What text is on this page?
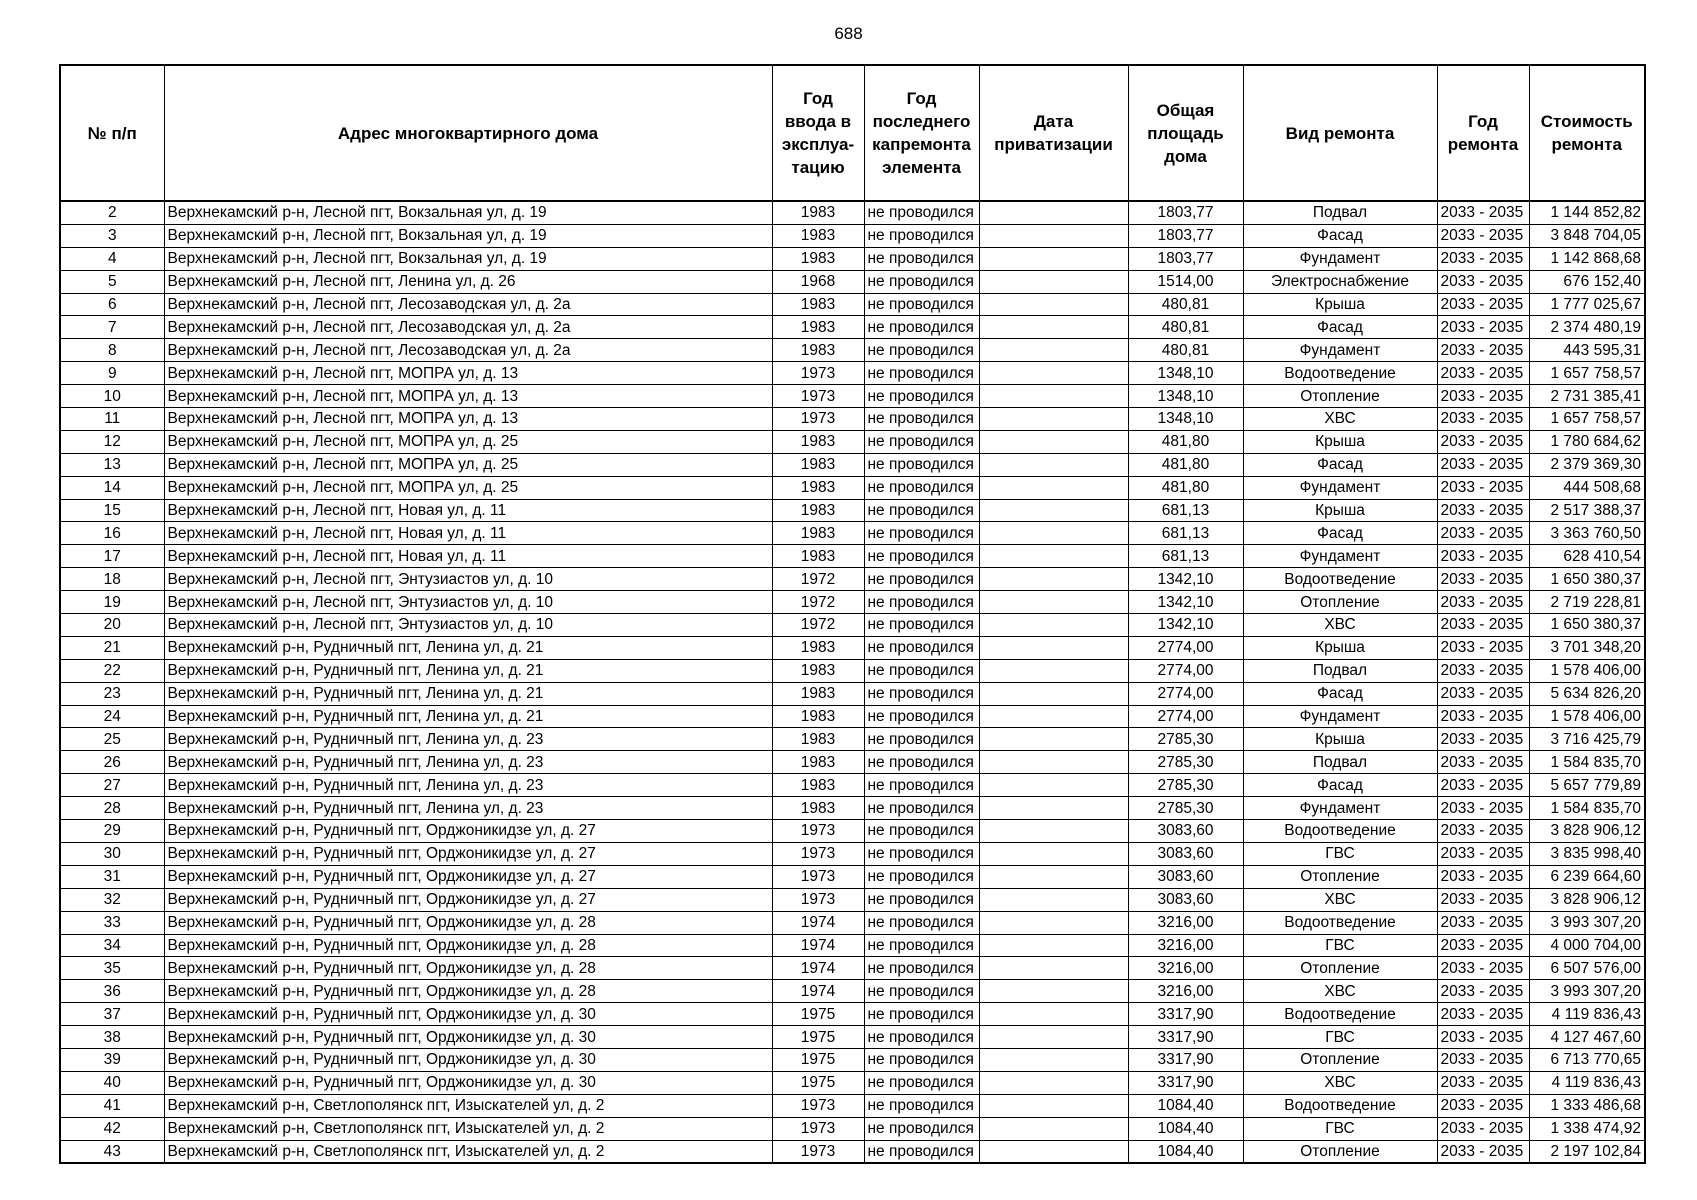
688
№ п/п	Адрес многоквартирного дома	Год ввода в эксплуа-тацию	Год последнего капремонта элемента	Дата приватизации	Общая площадь дома	Вид ремонта	Год ремонта	Стоимость ремонта
2	Верхнекамский р-н, Лесной пгт, Вокзальная ул, д. 19	1983	не проводился		1803,77	Подвал	2033 - 2035	1 144 852,82
3	Верхнекамский р-н, Лесной пгт, Вокзальная ул, д. 19	1983	не проводился		1803,77	Фасад	2033 - 2035	3 848 704,05
4	Верхнекамский р-н, Лесной пгт, Вокзальная ул, д. 19	1983	не проводился		1803,77	Фундамент	2033 - 2035	1 142 868,68
5	Верхнекамский р-н, Лесной пгт, Ленина ул, д. 26	1968	не проводился		1514,00	Электроснабжение	2033 - 2035	676 152,40
6	Верхнекамский р-н, Лесной пгт, Лесозаводская ул, д. 2а	1983	не проводился		480,81	Крыша	2033 - 2035	1 777 025,67
7	Верхнекамский р-н, Лесной пгт, Лесозаводская ул, д. 2а	1983	не проводился		480,81	Фасад	2033 - 2035	2 374 480,19
8	Верхнекамский р-н, Лесной пгт, Лесозаводская ул, д. 2а	1983	не проводился		480,81	Фундамент	2033 - 2035	443 595,31
9	Верхнекамский р-н, Лесной пгт, МОПРА ул, д. 13	1973	не проводился		1348,10	Водоотведение	2033 - 2035	1 657 758,57
10	Верхнекамский р-н, Лесной пгт, МОПРА ул, д. 13	1973	не проводился		1348,10	Отопление	2033 - 2035	2 731 385,41
11	Верхнекамский р-н, Лесной пгт, МОПРА ул, д. 13	1973	не проводился		1348,10	ХВС	2033 - 2035	1 657 758,57
12	Верхнекамский р-н, Лесной пгт, МОПРА ул, д. 25	1983	не проводился		481,80	Крыша	2033 - 2035	1 780 684,62
13	Верхнекамский р-н, Лесной пгт, МОПРА ул, д. 25	1983	не проводился		481,80	Фасад	2033 - 2035	2 379 369,30
14	Верхнекамский р-н, Лесной пгт, МОПРА ул, д. 25	1983	не проводился		481,80	Фундамент	2033 - 2035	444 508,68
15	Верхнекамский р-н, Лесной пгт, Новая ул, д. 11	1983	не проводился		681,13	Крыша	2033 - 2035	2 517 388,37
16	Верхнекамский р-н, Лесной пгт, Новая ул, д. 11	1983	не проводился		681,13	Фасад	2033 - 2035	3 363 760,50
17	Верхнекамский р-н, Лесной пгт, Новая ул, д. 11	1983	не проводился		681,13	Фундамент	2033 - 2035	628 410,54
18	Верхнекамский р-н, Лесной пгт, Энтузиастов ул, д. 10	1972	не проводился		1342,10	Водоотведение	2033 - 2035	1 650 380,37
19	Верхнекамский р-н, Лесной пгт, Энтузиастов ул, д. 10	1972	не проводился		1342,10	Отопление	2033 - 2035	2 719 228,81
20	Верхнекамский р-н, Лесной пгт, Энтузиастов ул, д. 10	1972	не проводился		1342,10	ХВС	2033 - 2035	1 650 380,37
21	Верхнекамский р-н, Рудничный пгт, Ленина ул, д. 21	1983	не проводился		2774,00	Крыша	2033 - 2035	3 701 348,20
22	Верхнекамский р-н, Рудничный пгт, Ленина ул, д. 21	1983	не проводился		2774,00	Подвал	2033 - 2035	1 578 406,00
23	Верхнекамский р-н, Рудничный пгт, Ленина ул, д. 21	1983	не проводился		2774,00	Фасад	2033 - 2035	5 634 826,20
24	Верхнекамский р-н, Рудничный пгт, Ленина ул, д. 21	1983	не проводился		2774,00	Фундамент	2033 - 2035	1 578 406,00
25	Верхнекамский р-н, Рудничный пгт, Ленина ул, д. 23	1983	не проводился		2785,30	Крыша	2033 - 2035	3 716 425,79
26	Верхнекамский р-н, Рудничный пгт, Ленина ул, д. 23	1983	не проводился		2785,30	Подвал	2033 - 2035	1 584 835,70
27	Верхнекамский р-н, Рудничный пгт, Ленина ул, д. 23	1983	не проводился		2785,30	Фасад	2033 - 2035	5 657 779,89
28	Верхнекамский р-н, Рудничный пгт, Ленина ул, д. 23	1983	не проводился		2785,30	Фундамент	2033 - 2035	1 584 835,70
29	Верхнекамский р-н, Рудничный пгт, Орджоникидзе ул, д. 27	1973	не проводился		3083,60	Водоотведение	2033 - 2035	3 828 906,12
30	Верхнекамский р-н, Рудничный пгт, Орджоникидзе ул, д. 27	1973	не проводился		3083,60	ГВС	2033 - 2035	3 835 998,40
31	Верхнекамский р-н, Рудничный пгт, Орджоникидзе ул, д. 27	1973	не проводился		3083,60	Отопление	2033 - 2035	6 239 664,60
32	Верхнекамский р-н, Рудничный пгт, Орджоникидзе ул, д. 27	1973	не проводился		3083,60	ХВС	2033 - 2035	3 828 906,12
33	Верхнекамский р-н, Рудничный пгт, Орджоникидзе ул, д. 28	1974	не проводился		3216,00	Водоотведение	2033 - 2035	3 993 307,20
34	Верхнекамский р-н, Рудничный пгт, Орджоникидзе ул, д. 28	1974	не проводился		3216,00	ГВС	2033 - 2035	4 000 704,00
35	Верхнекамский р-н, Рудничный пгт, Орджоникидзе ул, д. 28	1974	не проводился		3216,00	Отопление	2033 - 2035	6 507 576,00
36	Верхнекамский р-н, Рудничный пгт, Орджоникидзе ул, д. 28	1974	не проводился		3216,00	ХВС	2033 - 2035	3 993 307,20
37	Верхнекамский р-н, Рудничный пгт, Орджоникидзе ул, д. 30	1975	не проводился		3317,90	Водоотведение	2033 - 2035	4 119 836,43
38	Верхнекамский р-н, Рудничный пгт, Орджоникидзе ул, д. 30	1975	не проводился		3317,90	ГВС	2033 - 2035	4 127 467,60
39	Верхнекамский р-н, Рудничный пгт, Орджоникидзе ул, д. 30	1975	не проводился		3317,90	Отопление	2033 - 2035	6 713 770,65
40	Верхнекамский р-н, Рудничный пгт, Орджоникидзе ул, д. 30	1975	не проводился		3317,90	ХВС	2033 - 2035	4 119 836,43
41	Верхнекамский р-н, Светлополянск пгт, Изыскателей ул, д. 2	1973	не проводился		1084,40	Водоотведение	2033 - 2035	1 333 486,68
42	Верхнекамский р-н, Светлополянск пгт, Изыскателей ул, д. 2	1973	не проводился		1084,40	ГВС	2033 - 2035	1 338 474,92
43	Верхнекамский р-н, Светлополянск пгт, Изыскателей ул, д. 2	1973	не проводился		1084,40	Отопление	2033 - 2035	2 197 102,84
